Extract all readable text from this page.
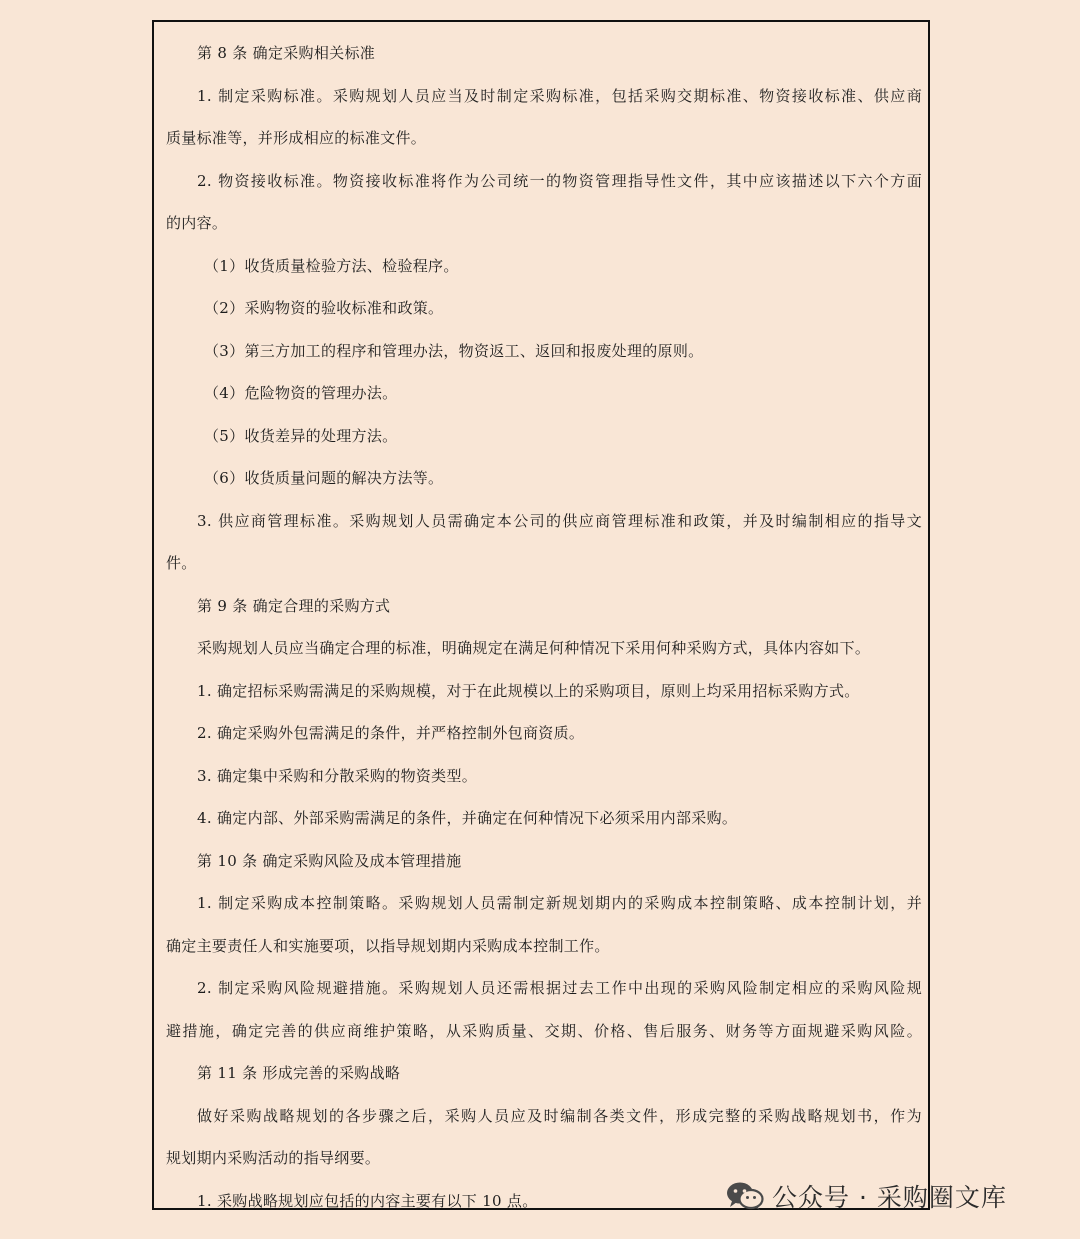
第 8 条 确定采购相关标准
1. 制定采购标准。采购规划人员应当及时制定采购标准，包括采购交期标准、物资接收标准、供应商
质量标准等，并形成相应的标准文件。
2. 物资接收标准。物资接收标准将作为公司统一的物资管理指导性文件，其中应该描述以下六个方面
的内容。
（1）收货质量检验方法、检验程序。
（2）采购物资的验收标准和政策。
（3）第三方加工的程序和管理办法，物资返工、返回和报废处理的原则。
（4）危险物资的管理办法。
（5）收货差异的处理方法。
（6）收货质量问题的解决方法等。
3. 供应商管理标准。采购规划人员需确定本公司的供应商管理标准和政策，并及时编制相应的指导文
件。
第 9 条 确定合理的采购方式
采购规划人员应当确定合理的标准，明确规定在满足何种情况下采用何种采购方式，具体内容如下。
1. 确定招标采购需满足的采购规模，对于在此规模以上的采购项目，原则上均采用招标采购方式。
2. 确定采购外包需满足的条件，并严格控制外包商资质。
3. 确定集中采购和分散采购的物资类型。
4. 确定内部、外部采购需满足的条件，并确定在何种情况下必须采用内部采购。
第 10 条 确定采购风险及成本管理措施
1. 制定采购成本控制策略。采购规划人员需制定新规划期内的采购成本控制策略、成本控制计划，并
确定主要责任人和实施要项，以指导规划期内采购成本控制工作。
2. 制定采购风险规避措施。采购规划人员还需根据过去工作中出现的采购风险制定相应的采购风险规
避措施，确定完善的供应商维护策略，从采购质量、交期、价格、售后服务、财务等方面规避采购风险。
第 11 条 形成完善的采购战略
做好采购战略规划的各步骤之后，采购人员应及时编制各类文件，形成完整的采购战略规划书，作为
规划期内采购活动的指导纲要。
1. 采购战略规划应包括的内容主要有以下 10 点。	公众号 · 采购圈文库
